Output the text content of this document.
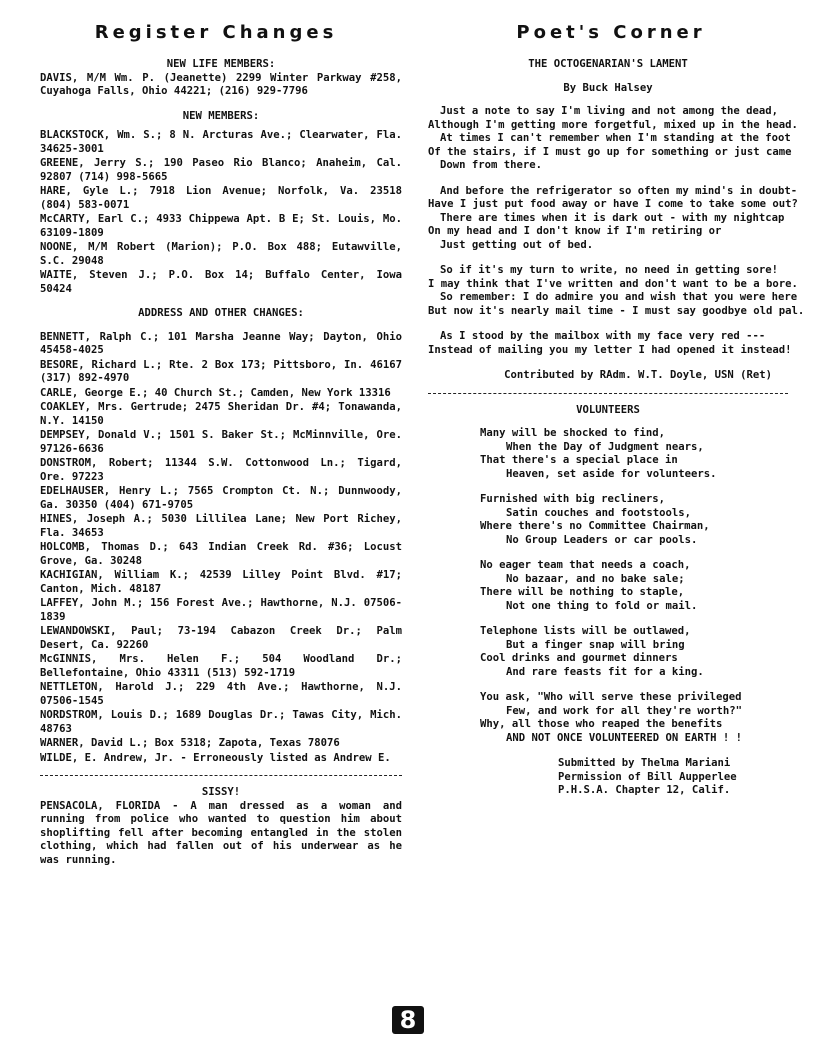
Register Changes	Poet's Corner
NEW LIFE MEMBERS:
DAVIS, M/M Wm. P. (Jeanette) 2299 Winter Parkway #258, Cuyahoga Falls, Ohio 44221; (216) 929-7796
NEW MEMBERS:
BLACKSTOCK, Wm. S.; 8 N. Arcturas Ave.; Clearwater, Fla. 34625-3001
GREENE, Jerry S.; 190 Paseo Rio Blanco; Anaheim, Cal. 92807 (714) 998-5665
HARE, Gyle L.; 7918 Lion Avenue; Norfolk, Va. 23518 (804) 583-0071
McCARTY, Earl C.; 4933 Chippewa Apt. B E; St. Louis, Mo. 63109-1809
NOONE, M/M Robert (Marion); P.O. Box 488; Eutawville, S.C. 29048
WAITE, Steven J.; P.O. Box 14; Buffalo Center, Iowa 50424
ADDRESS AND OTHER CHANGES:
BENNETT, Ralph C.; 101 Marsha Jeanne Way; Dayton, Ohio 45458-4025
BESORE, Richard L.; Rte. 2 Box 173; Pittsboro, In. 46167 (317) 892-4970
CARLE, George E.; 40 Church St.; Camden, New York 13316
COAKLEY, Mrs. Gertrude; 2475 Sheridan Dr. #4; Tonawanda, N.Y. 14150
DEMPSEY, Donald V.; 1501 S. Baker St.; McMinnville, Ore. 97126-6636
DONSTROM, Robert; 11344 S.W. Cottonwood Ln.; Tigard, Ore. 97223
EDELHAUSER, Henry L.; 7565 Crompton Ct. N.; Dunnwoody, Ga. 30350 (404) 671-9705
HINES, Joseph A.; 5030 Lillilea Lane; New Port Richey, Fla. 34653
HOLCOMB, Thomas D.; 643 Indian Creek Rd. #36; Locust Grove, Ga. 30248
KACHIGIAN, William K.; 42539 Lilley Point Blvd. #17; Canton, Mich. 48187
LAFFEY, John M.; 156 Forest Ave.; Hawthorne, N.J. 07506-1839
LEWANDOWSKI, Paul; 73-194 Cabazon Creek Dr.; Palm Desert, Ca. 92260
McGINNIS, Mrs. Helen F.; 504 Woodland Dr.; Bellefontaine, Ohio 43311 (513) 592-1719
NETTLETON, Harold J.; 229 4th Ave.; Hawthorne, N.J. 07506-1545
NORDSTROM, Louis D.; 1689 Douglas Dr.; Tawas City, Mich. 48763
WARNER, David L.; Box 5318; Zapota, Texas 78076
WILDE, E. Andrew, Jr. - Erroneously listed as Andrew E.
SISSY!
PENSACOLA, FLORIDA - A man dressed as a woman and running from police who wanted to question him about shoplifting fell after becoming entangled in the stolen clothing, which had fallen out of his underwear as he was running.
THE OCTOGENARIAN'S LAMENT
By Buck Halsey
Just a note to say I'm living and not among the dead,
Although I'm getting more forgetful, mixed up in the head.
At times I can't remember when I'm standing at the foot
Of the stairs, if I must go up for something or just came
Down from there.
And before the refrigerator so often my mind's in doubt-
Have I just put food away or have I come to take some out?
There are times when it is dark out - with my nightcap
On my head and I don't know if I'm retiring or
Just getting out of bed.
So if it's my turn to write, no need in getting sore!
I may think that I've written and don't want to be a bore.
So remember: I do admire you and wish that you were here
But now it's nearly mail time - I must say goodbye old pal.
As I stood by the mailbox with my face very red ---
Instead of mailing you my letter I had opened it instead!
Contributed by RAdm. W.T. Doyle, USN (Ret)
VOLUNTEERS
Many will be shocked to find,
When the Day of Judgment nears,
That there's a special place in
Heaven, set aside for volunteers.
Furnished with big recliners,
Satin couches and footstools,
Where there's no Committee Chairman,
No Group Leaders or car pools.
No eager team that needs a coach,
No bazaar, and no bake sale;
There will be nothing to staple,
Not one thing to fold or mail.
Telephone lists will be outlawed,
But a finger snap will bring
Cool drinks and gourmet dinners
And rare feasts fit for a king.
You ask, "Who will serve these privileged
Few, and work for all they're worth?"
Why, all those who reaped the benefits
AND NOT ONCE VOLUNTEERED ON EARTH ! !
Submitted by Thelma Mariani
Permission of Bill Aupperlee
P.H.S.A. Chapter 12, Calif.
8
